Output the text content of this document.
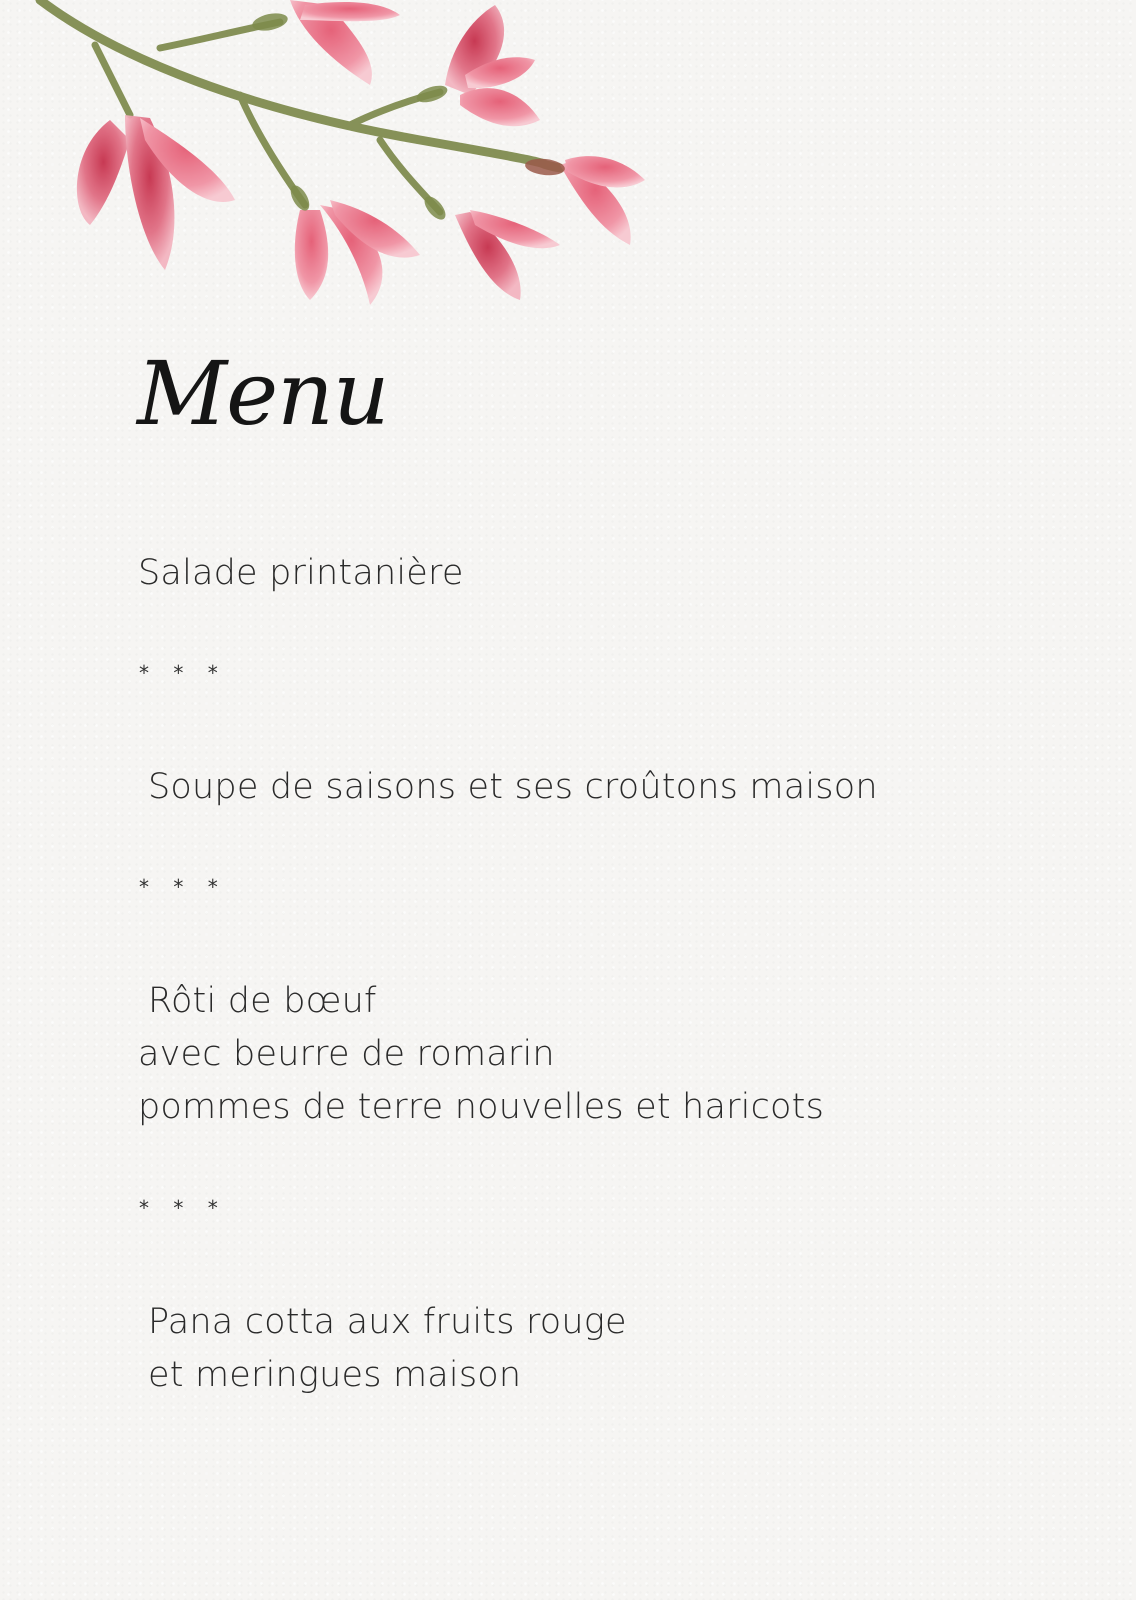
Menu
Salade printanière
* * *
Soupe de saisons et ses croûtons maison
* * *
Rôti de bœuf
avec beurre de romarin
pommes de terre nouvelles et haricots
* * *
Pana cotta aux fruits rouge
et meringues maison
